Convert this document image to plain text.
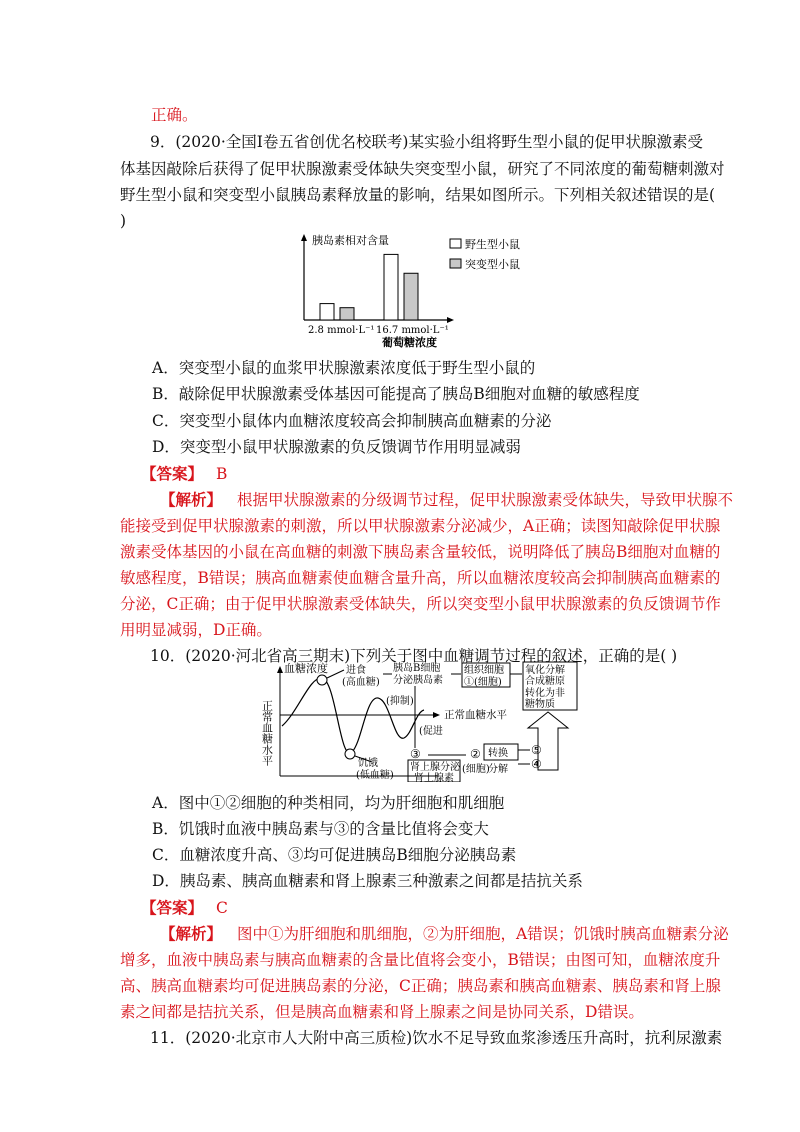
正确。
9．(2020·全国Ⅰ卷五省创优名校联考)某实验小组将野生型小鼠的促甲状腺激素受
体基因敲除后获得了促甲状腺激素受体缺失突变型小鼠，研究了不同浓度的葡萄糖刺激对
野生型小鼠和突变型小鼠胰岛素释放量的影响，结果如图所示。下列相关叙述错误的是(
)
胰岛素相对含量	野生型小鼠
突变型小鼠
2.8 mmol·L⁻¹ 16.7 mmol·L⁻¹
葡萄糖浓度
A．突变型小鼠的血浆甲状腺激素浓度低于野生型小鼠的
B．敲除促甲状腺激素受体基因可能提高了胰岛B细胞对血糖的敏感程度
C．突变型小鼠体内血糖浓度较高会抑制胰高血糖素的分泌
D．突变型小鼠甲状腺激素的负反馈调节作用明显减弱
【答案】 B
【解析】 根据甲状腺激素的分级调节过程，促甲状腺激素受体缺失，导致甲状腺不
能接受到促甲状腺激素的刺激，所以甲状腺激素分泌减少，A正确；读图知敲除促甲状腺
激素受体基因的小鼠在高血糖的刺激下胰岛素含量较低，说明降低了胰岛B细胞对血糖的
敏感程度，B错误；胰高血糖素使血糖含量升高，所以血糖浓度较高会抑制胰高血糖素的
分泌，C正确；由于促甲状腺激素受体缺失，所以突变型小鼠甲状腺激素的负反馈调节作
用明显减弱，D正确。
10．(2020·河北省高三期末)下列关于图中血糖调节过程的叙述，正确的是( )
血糖浓度
正常血糖水平	正常血糖水平
进食
(高血糖)
胰岛B细胞
分泌胰岛素
组织细胞
①(细胞)
氧化分解
合成糖原
转化为非
糖物质
(抑制)
(促进
饥饿
(低血糖)
③
肾上腺分泌
肾上腺素
②
(细胞)
转换
分解
⑤
④
A．图中①②细胞的种类相同，均为肝细胞和肌细胞
B．饥饿时血液中胰岛素与③的含量比值将会变大
C．血糖浓度升高、③均可促进胰岛B细胞分泌胰岛素
D．胰岛素、胰高血糖素和肾上腺素三种激素之间都是拮抗关系
【答案】 C
【解析】 图中①为肝细胞和肌细胞，②为肝细胞，A错误；饥饿时胰高血糖素分泌
增多，血液中胰岛素与胰高血糖素的含量比值将会变小，B错误；由图可知，血糖浓度升
高、胰高血糖素均可促进胰岛素的分泌，C正确；胰岛素和胰高血糖素、胰岛素和肾上腺
素之间都是拮抗关系，但是胰高血糖素和肾上腺素之间是协同关系，D错误。
11．(2020·北京市人大附中高三质检)饮水不足导致血浆渗透压升高时，抗利尿激素
